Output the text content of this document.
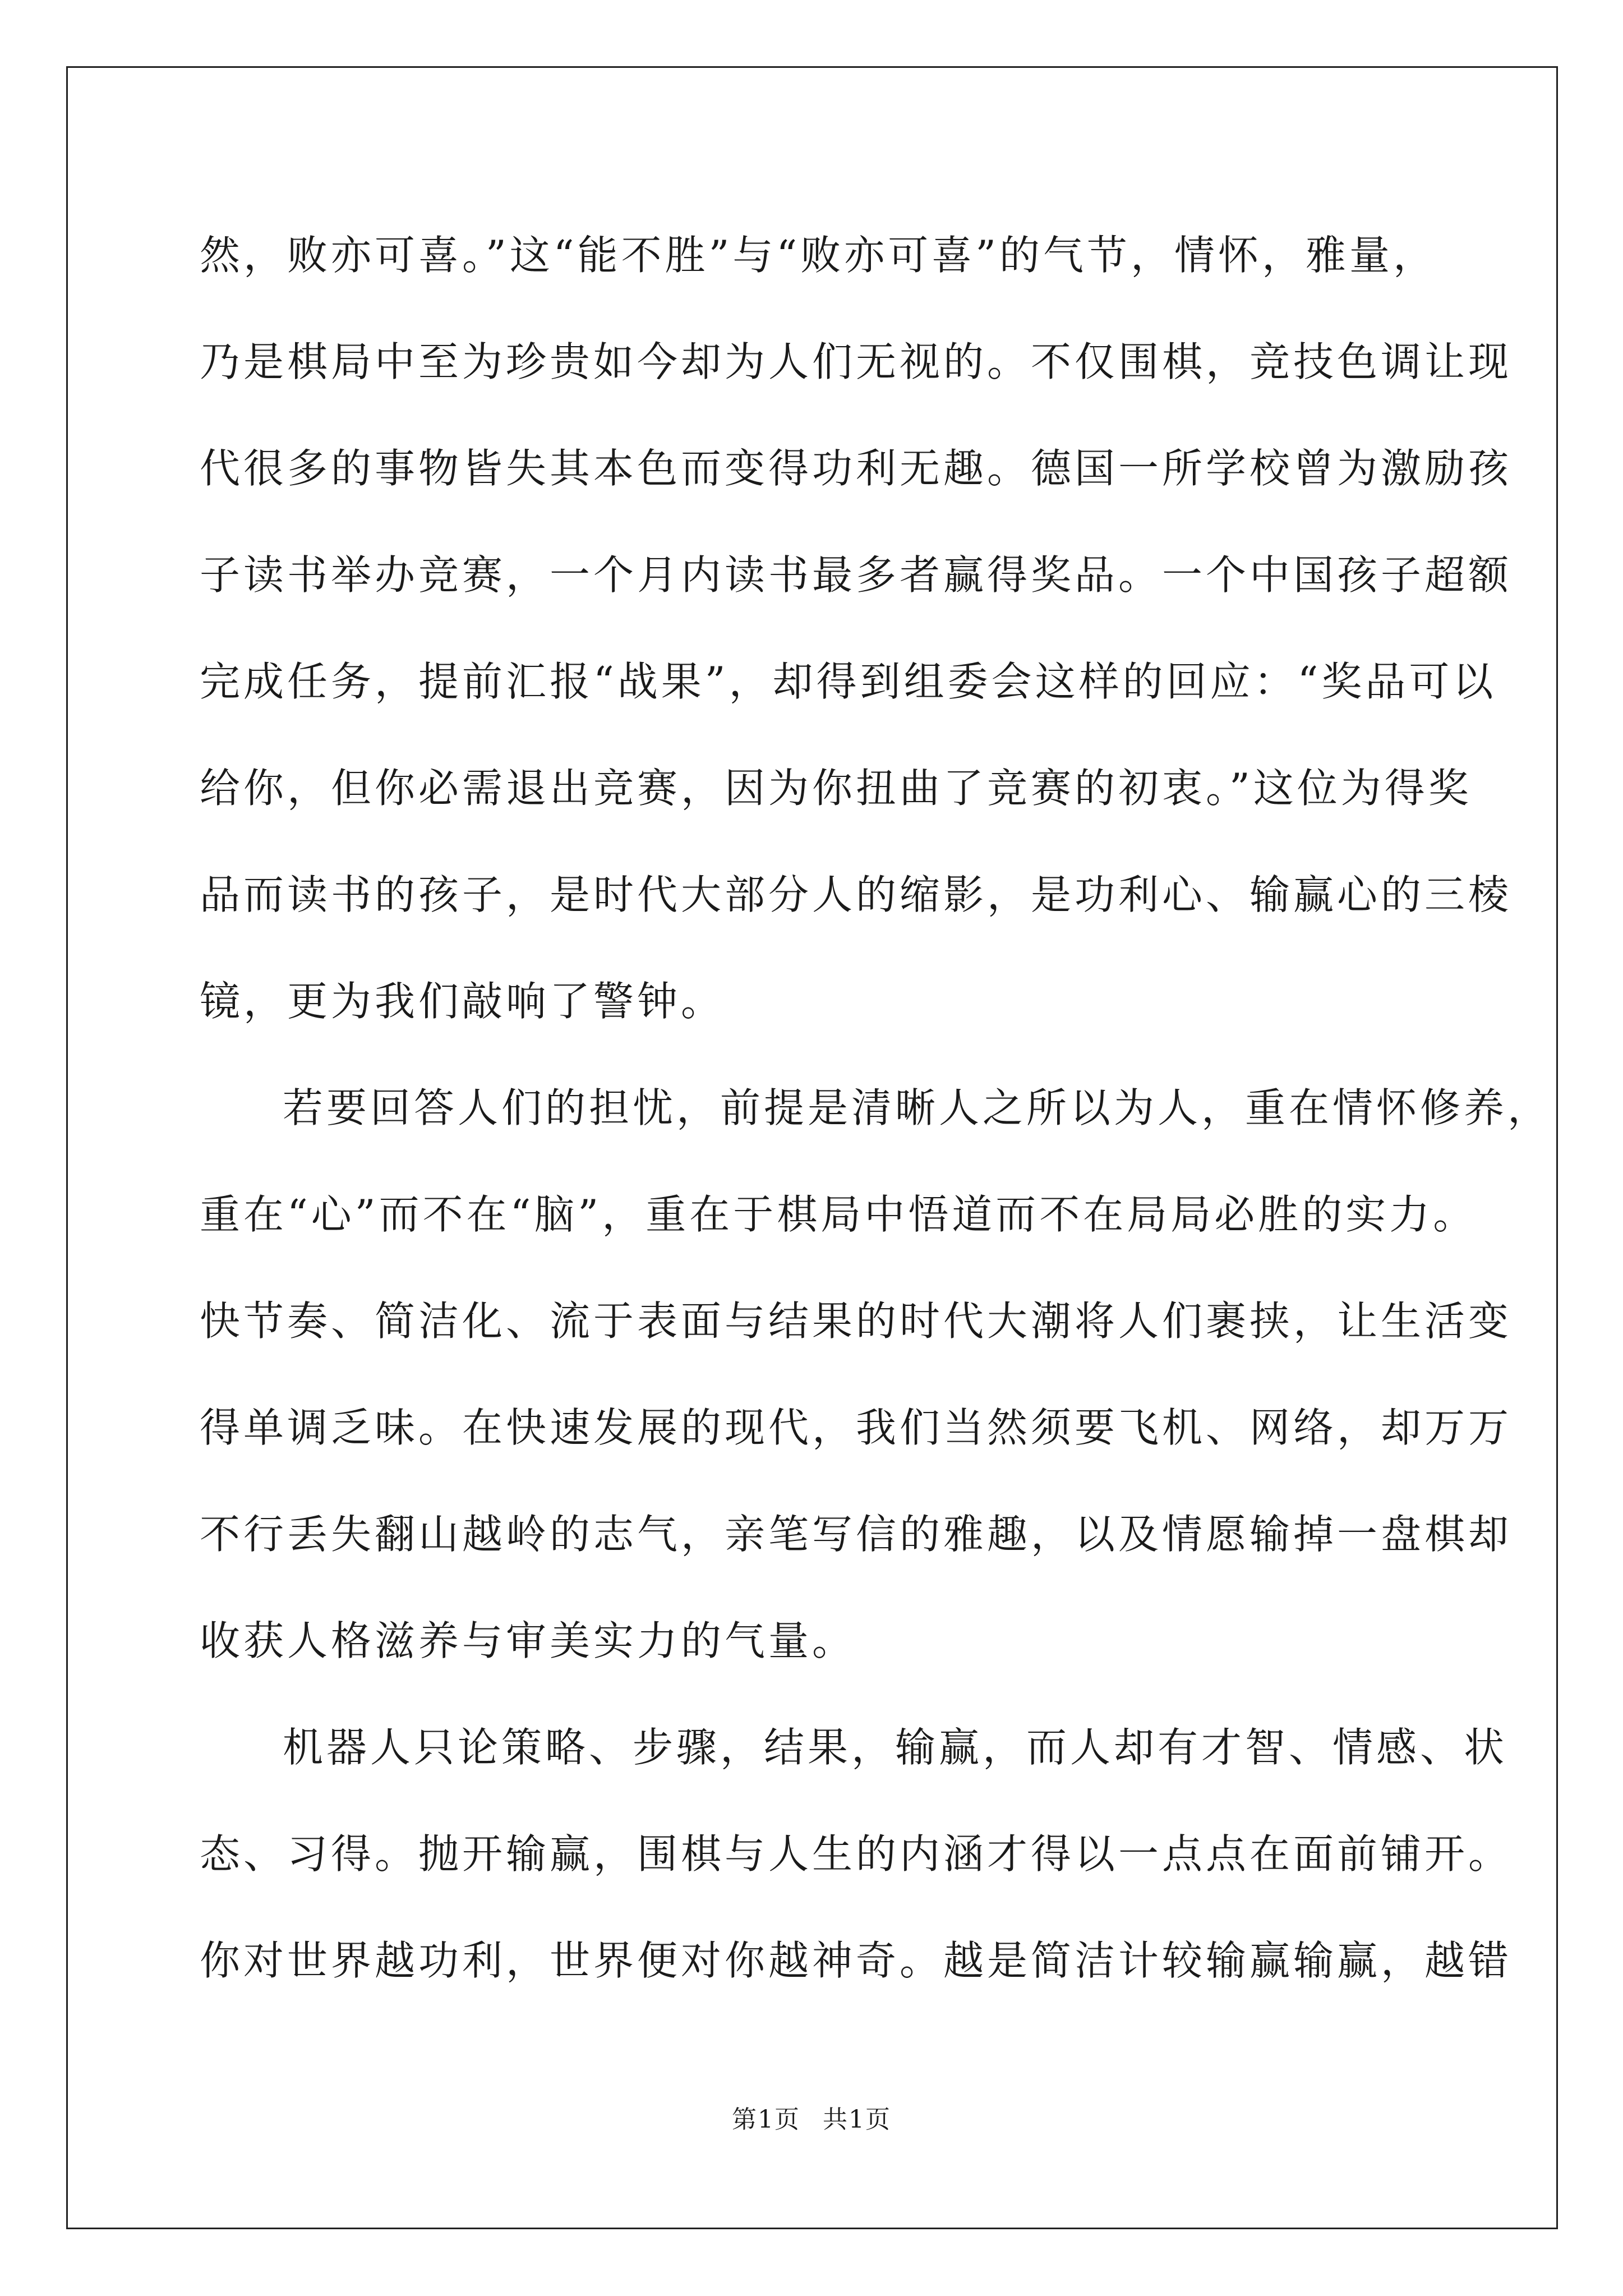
然，败亦可喜。”这“能不胜”与“败亦可喜”的气节，情怀，雅量，
乃是棋局中至为珍贵如今却为人们无视的。不仅围棋，竞技色调让现
代很多的事物皆失其本色而变得功利无趣。德国一所学校曾为激励孩
子读书举办竞赛，一个月内读书最多者赢得奖品。一个中国孩子超额
完成任务，提前汇报“战果”，却得到组委会这样的回应：“奖品可以
给你，但你必需退出竞赛，因为你扭曲了竞赛的初衷。”这位为得奖
品而读书的孩子，是时代大部分人的缩影，是功利心、输赢心的三棱
镜，更为我们敲响了警钟。
若要回答人们的担忧，前提是清晰人之所以为人，重在情怀修养，
重在“心”而不在“脑”，重在于棋局中悟道而不在局局必胜的实力。
快节奏、简洁化、流于表面与结果的时代大潮将人们裹挟，让生活变
得单调乏味。在快速发展的现代，我们当然须要飞机、网络，却万万
不行丢失翻山越岭的志气，亲笔写信的雅趣，以及情愿输掉一盘棋却
收获人格滋养与审美实力的气量。
机器人只论策略、步骤，结果，输赢，而人却有才智、情感、状
态、习得。抛开输赢，围棋与人生的内涵才得以一点点在面前铺开。
你对世界越功利，世界便对你越神奇。越是简洁计较输赢输赢，越错
第1页 共1页
